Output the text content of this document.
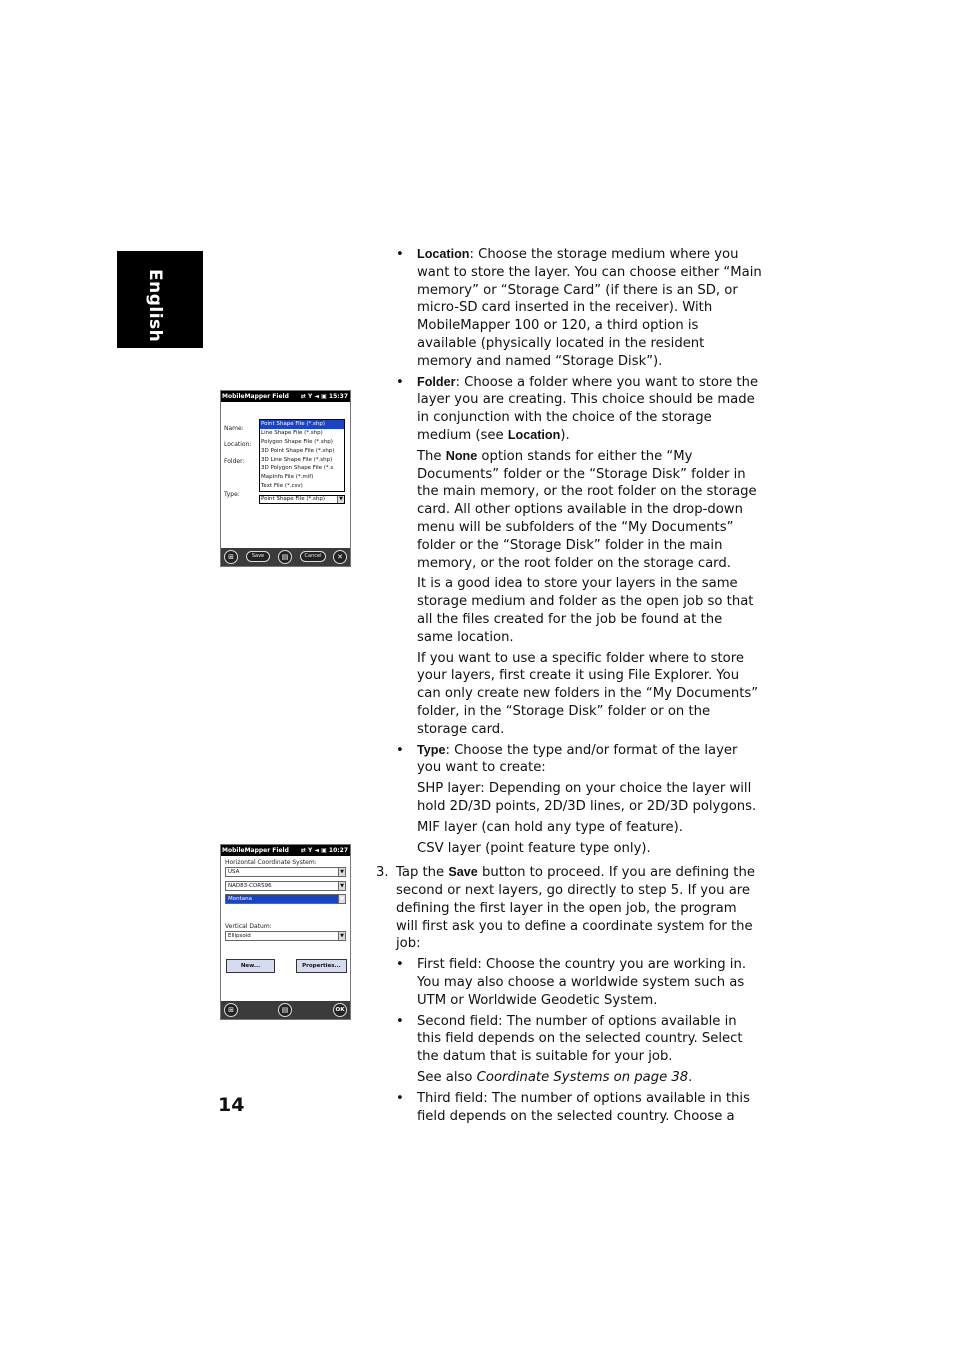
English
MobileMapper Field ⇄ Y ◄ ▣ 15:37
Name:
Location:
Folder:
Type:
Point Shape File (*.shp)
Line Shape File (*.shp)
Polygon Shape File (*.shp)
3D Point Shape File (*.shp)
3D Line Shape File (*.shp)
3D Polygon Shape File (*.s
MapInfo File (*.mif)
Text File (*.csv)
Point Shape File (*.shp)	▼
⊞	Save	▤	Cancel	✕
MobileMapper Field ⇄ Y ◄ ▣ 10:27
Horizontal Coordinate System:
USA	▼
NAD83-CORS96	▼
Montana	▼
Vertical Datum:
Ellipsoid	▼
New...	Properties...
⊞	▤	OK
• Location: Choose the storage medium where you want to store the layer. You can choose either “Main memory” or “Storage Card” (if there is an SD, or micro-SD card inserted in the receiver). With MobileMapper 100 or 120, a third option is available (physically located in the resident memory and named “Storage Disk”).
• Folder: Choose a folder where you want to store the layer you are creating. This choice should be made in conjunction with the choice of the storage medium (see Location).
The None option stands for either the “My Documents” folder or the “Storage Disk” folder in the main memory, or the root folder on the storage card. All other options available in the drop-down menu will be subfolders of the “My Documents” folder or the “Storage Disk” folder in the main memory, or the root folder on the storage card.
It is a good idea to store your layers in the same storage medium and folder as the open job so that all the files created for the job be found at the same location.
If you want to use a specific folder where to store your layers, first create it using File Explorer. You can only create new folders in the “My Documents” folder, in the “Storage Disk” folder or on the storage card.
• Type: Choose the type and/or format of the layer you want to create:
SHP layer: Depending on your choice the layer will hold 2D/3D points, 2D/3D lines, or 2D/3D polygons.
MIF layer (can hold any type of feature).
CSV layer (point feature type only).
3. Tap the Save button to proceed. If you are defining the second or next layers, go directly to step 5. If you are defining the first layer in the open job, the program will first ask you to define a coordinate system for the job:
• First field: Choose the country you are working in. You may also choose a worldwide system such as UTM or Worldwide Geodetic System.
• Second field: The number of options available in this field depends on the selected country. Select the datum that is suitable for your job.
See also Coordinate Systems on page 38.
• Third field: The number of options available in this field depends on the selected country. Choose a
14
